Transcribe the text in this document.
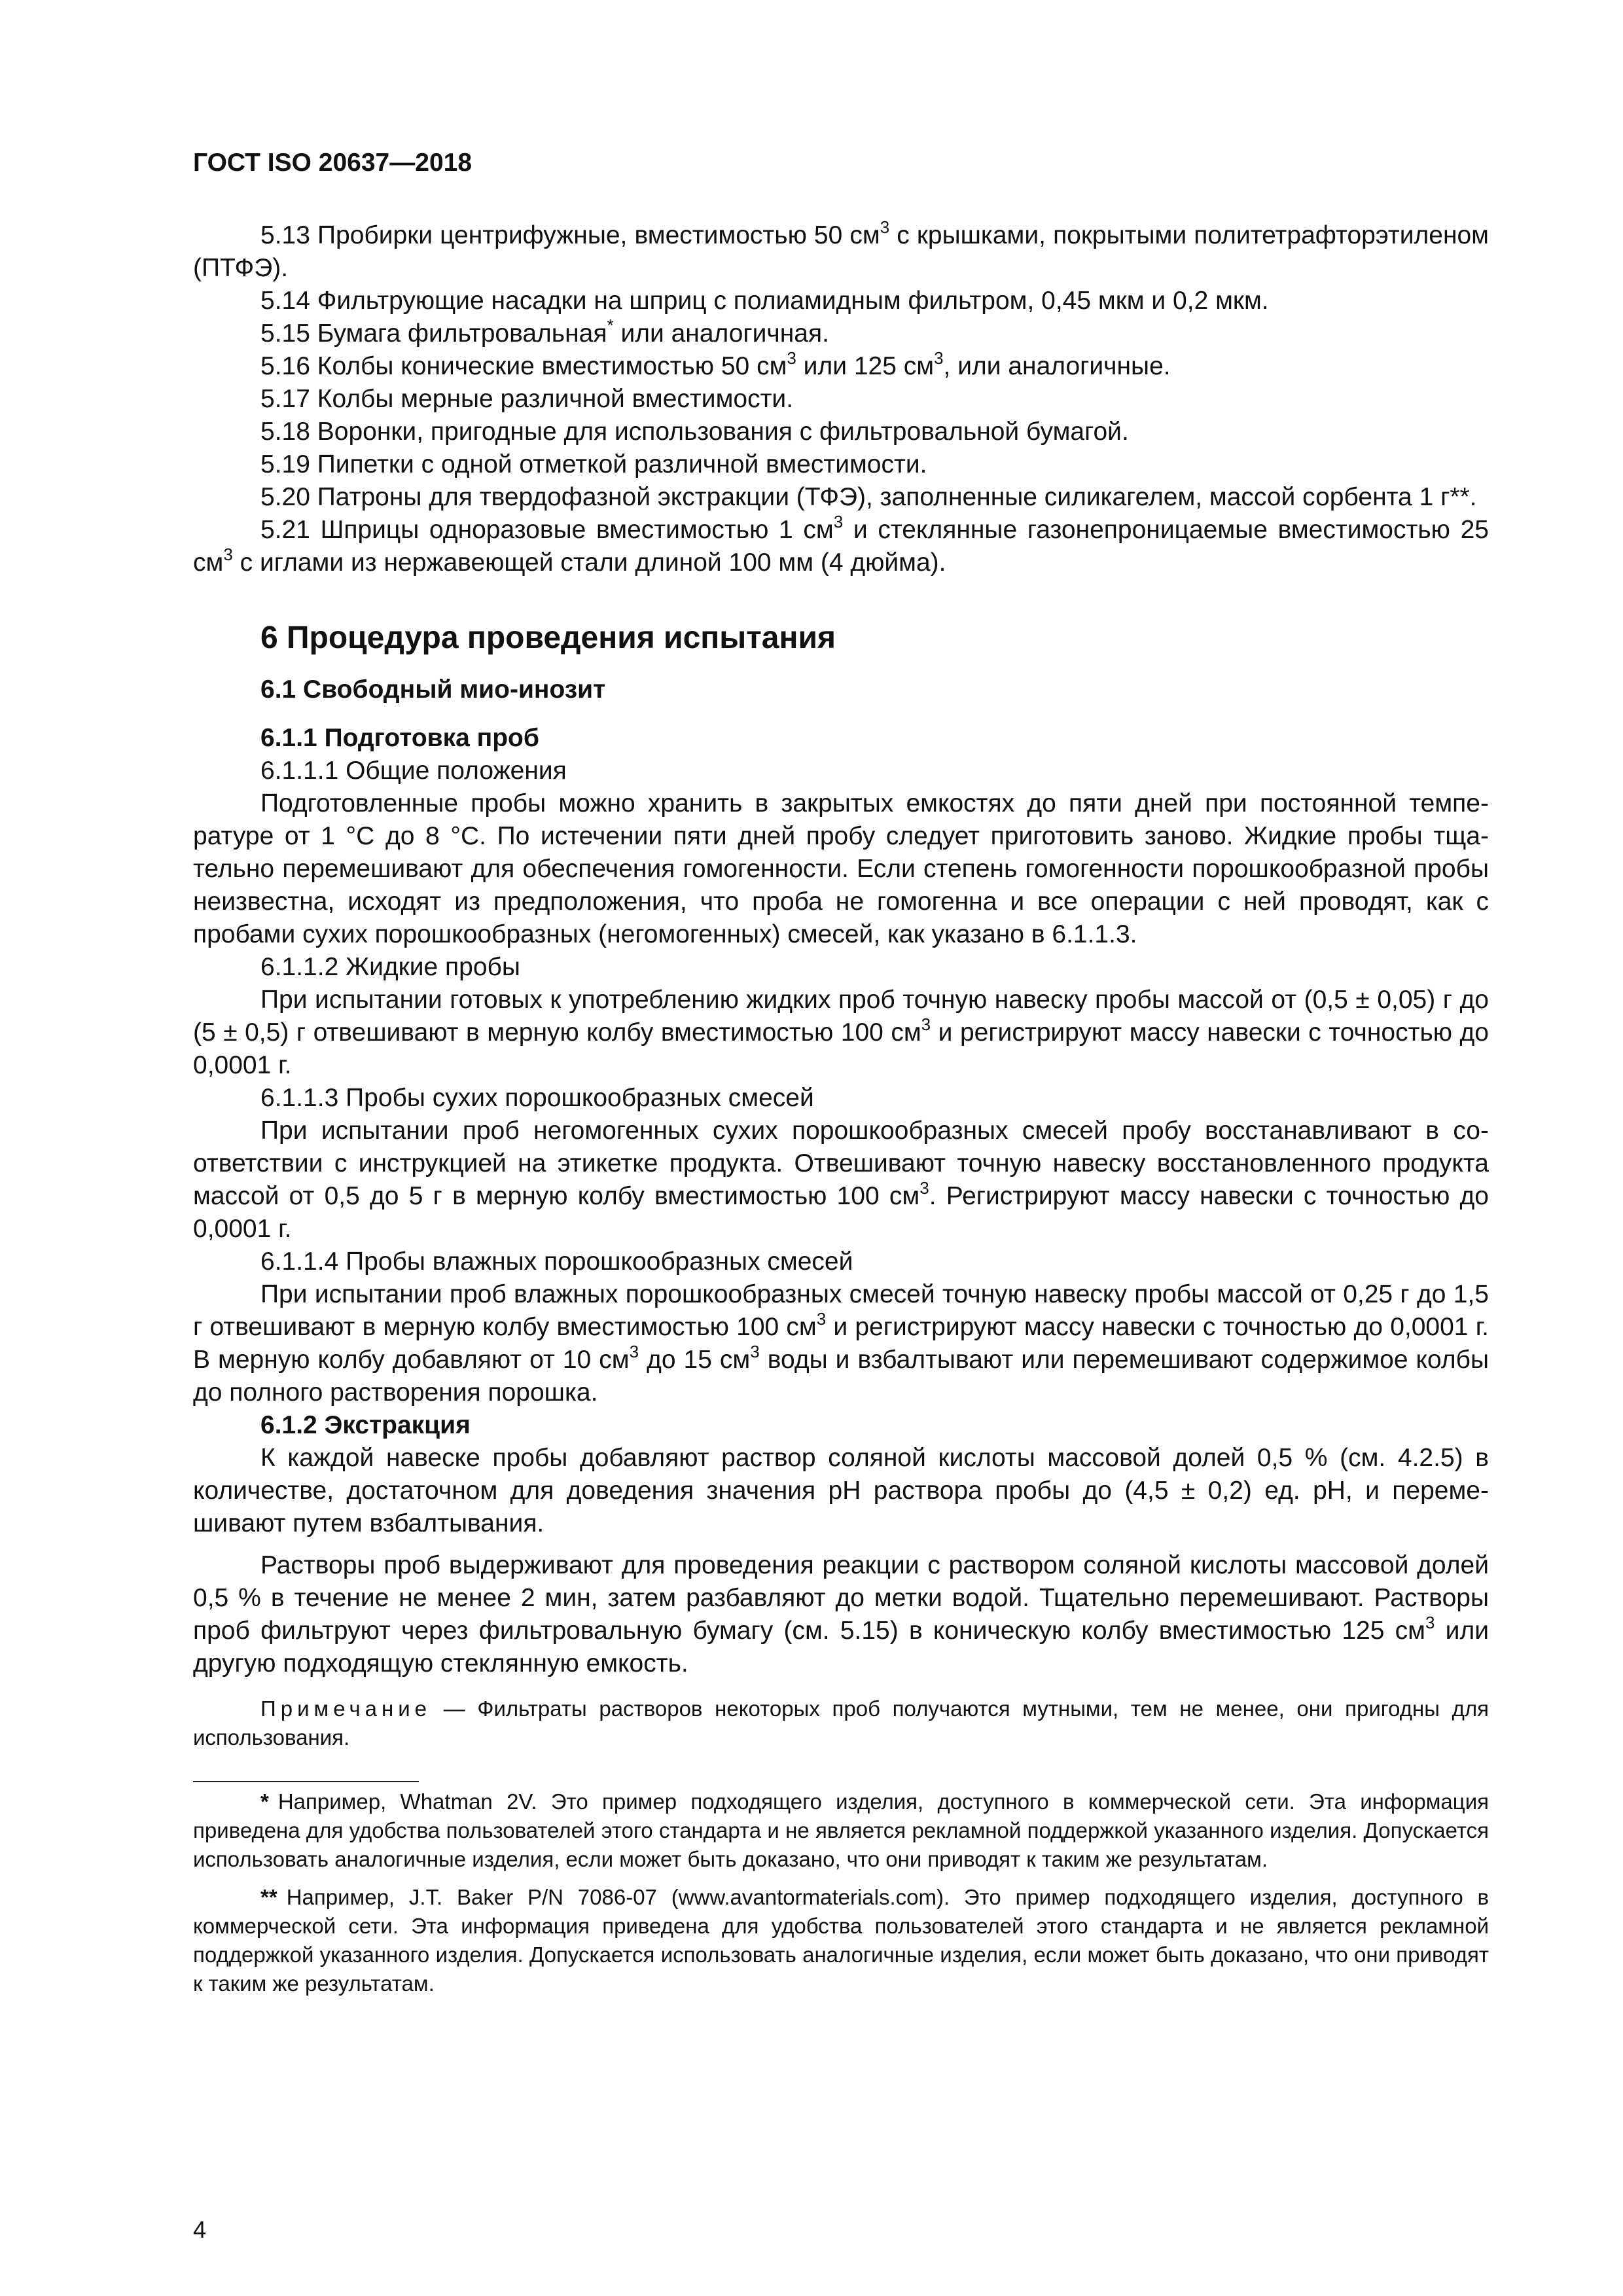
ГОСТ ISO 20637—2018

5.13 Пробирки центрифужные, вместимостью 50 $см^3$ с крышками, покрытыми политетрафторэтиленом (ПТФЭ).

5.14 Фильтрующие насадки на шприц с полиамидным фильтром, 0,45 мкм и 0,2 мкм.

5.15 Бумага фильтровальная* или аналогичная.

5.16 Колбы конические вместимостью 50 $см^3$ или 125 $см^3$, или аналогичные.

5.17 Колбы мерные различной вместимости.

5.18 Воронки, пригодные для использования с фильтровальной бумагой.

5.19 Пипетки с одной отметкой различной вместимости.

5.20 Патроны для твердофазной экстракции (ТФЭ), заполненные силикагелем, массой сорбента 1 г**.

5.21 Шприцы одноразовые вместимостью 1 $см^3$ и стеклянные газонепроницаемые вместимостью 25 $см^3$ с иглами из нержавеющей стали длиной 100 мм (4 дюйма).

6 Процедура проведения испытания
6.1 Свободный мио-инозит
6.1.1 Подготовка проб

6.1.1.1 Общие положения

Подготовленные пробы можно хранить в закрытых емкостях до пяти дней при постоянной температуре от 1 °С до 8 °С. По истечении пяти дней пробу следует приготовить заново. Жидкие пробы тщательно перемешивают для обеспечения гомогенности. Если степень гомогенности порошкообразной пробы неизвестна, исходят из предположения, что проба не гомогенна и все операции с ней проводят, как с пробами сухих порошкообразных (негомогенных) смесей, как указано в 6.1.1.3.

6.1.1.2 Жидкие пробы

При испытании готовых к употреблению жидких проб точную навеску пробы массой от (0,5 ± 0,05) г до (5 ± 0,5) г отвешивают в мерную колбу вместимостью 100 $см^3$ и регистрируют массу навески с точностью до 0,0001 г.

6.1.1.3 Пробы сухих порошкообразных смесей

При испытании проб негомогенных сухих порошкообразных смесей пробу восстанавливают в соответствии с инструкцией на этикетке продукта. Отвешивают точную навеску восстановленного продукта массой от 0,5 до 5 г в мерную колбу вместимостью 100 $см^3$. Регистрируют массу навески с точностью до 0,0001 г.

6.1.1.4 Пробы влажных порошкообразных смесей

При испытании проб влажных порошкообразных смесей точную навеску пробы массой от 0,25 г до 1,5 г отвешивают в мерную колбу вместимостью 100 $см^3$ и регистрируют массу навески с точностью до 0,0001 г. В мерную колбу добавляют от 10 $см^3$ до 15 $см^3$ воды и взбалтывают или перемешивают содержимое колбы до полного растворения порошка.

6.1.2 Экстракция

К каждой навеске пробы добавляют раствор соляной кислоты массовой долей 0,5 % (см. 4.2.5) в количестве, достаточном для доведения значения pH раствора пробы до (4,5 ± 0,2) ед. pH, и перемешивают путем взбалтывания.

Растворы проб выдерживают для проведения реакции с раствором соляной кислоты массовой долей 0,5 % в течение не менее 2 мин, затем разбавляют до метки водой. Тщательно перемешивают. Растворы проб фильтруют через фильтровальную бумагу (см. 5.15) в коническую колбу вместимостью 125 $см^3$ или другую подходящую стеклянную емкость.

Примечание — Фильтраты растворов некоторых проб получаются мутными, тем не менее, они пригодны для использования.

* Например, Whatman 2V. Это пример подходящего изделия, доступного в коммерческой сети. Эта информация приведена для удобства пользователей этого стандарта и не является рекламной поддержкой указанного изделия. Допускается использовать аналогичные изделия, если может быть доказано, что они приводят к таким же результатам.

** Например, J.T. Baker P/N 7086-07 (www.avantormaterials.com). Это пример подходящего изделия, доступного в коммерческой сети. Эта информация приведена для удобства пользователей этого стандарта и не является рекламной поддержкой указанного изделия. Допускается использовать аналогичные изделия, если может быть доказано, что они приводят к таким же результатам.

4
